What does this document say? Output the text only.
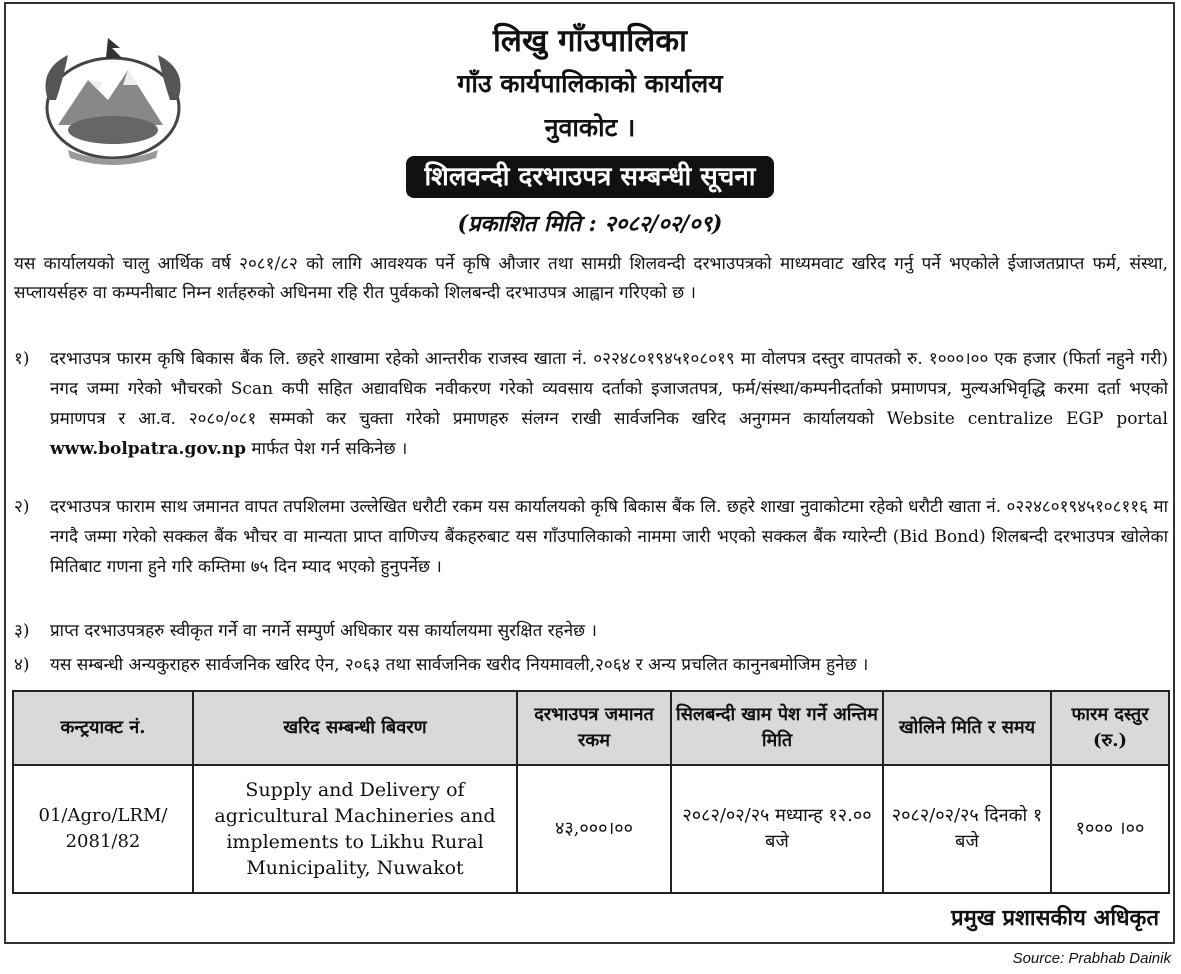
लिखु गाँउपालिका
गाँउ कार्यपालिकाको कार्यालय
नुवाकोट ।
शिलवन्दी दरभाउपत्र सम्बन्धी सूचना
(प्रकाशित मिति : २०८२/०२/०९)
यस कार्यालयको चालु आर्थिक वर्ष २०८१/८२ को लागि आवश्यक पर्ने कृषि औजार तथा सामग्री शिलवन्दी दरभाउपत्रको माध्यमवाट खरिद गर्नु पर्ने भएकोले ईजाजतप्राप्त फर्म, संस्था, सप्लायर्सहरु वा कम्पनीबाट निम्न शर्तहरुको अधिनमा रहि रीत पुर्वकको शिलबन्दी दरभाउपत्र आह्वान गरिएको छ ।
१) दरभाउपत्र फारम कृषि बिकास बैंक लि. छहरे शाखामा रहेको आन्तरीक राजस्व खाता नं. ०२२४८०१९४५१०८०१९ मा वोलपत्र दस्तुर वापतको रु. १०००।०० एक हजार (फिर्ता नहुने गरी) नगद जम्मा गरेको भौचरको Scan कपी सहित अद्यावधिक नवीकरण गरेको व्यवसाय दर्ताको इजाजतपत्र, फर्म/संस्था/कम्पनीदर्ताको प्रमाणपत्र, मुल्यअभिवृद्धि करमा दर्ता भएको प्रमाणपत्र र आ.व. २०८०/०८१ सम्मको कर चुक्ता गरेको प्रमाणहरु संलग्न राखी सार्वजनिक खरिद अनुगमन कार्यालयको Website centralize EGP portal www.bolpatra.gov.np मार्फत पेश गर्न सकिनेछ ।
२) दरभाउपत्र फाराम साथ जमानत वापत तपशिलमा उल्लेखित धरौटी रकम यस कार्यालयको कृषि बिकास बैंक लि. छहरे शाखा नुवाकोटमा रहेको धरौटी खाता नं. ०२२४८०१९४५१०८११६ मा नगदै जम्मा गरेको सक्कल बैंक भौचर वा मान्यता प्राप्त वाणिज्य बैंकहरुबाट यस गाँउपालिकाको नाममा जारी भएको सक्कल बैंक ग्यारेन्टी (Bid Bond) शिलबन्दी दरभाउपत्र खोलेका मितिबाट गणना हुने गरि कम्तिमा ७५ दिन म्याद भएको हुनुपर्नेछ ।
३) प्राप्त दरभाउपत्रहरु स्वीकृत गर्ने वा नगर्ने सम्पुर्ण अधिकार यस कार्यालयमा सुरक्षित रहनेछ ।
४) यस सम्बन्धी अन्यकुराहरु सार्वजनिक खरिद ऐन, २०६३ तथा सार्वजनिक खरीद नियमावली,२०६४ र अन्य प्रचलित कानुनबमोजिम हुनेछ ।
कन्ट्रयाक्ट नं.	खरिद सम्बन्धी बिवरण	दरभाउपत्र जमानत रकम	सिलबन्दी खाम पेश गर्ने अन्तिम मिति	खोलिने मिति र समय	फारम दस्तुर (रु.)
01/Agro/LRM/ 2081/82	Supply and Delivery of agricultural Machineries and implements to Likhu Rural Municipality, Nuwakot	४३,०००।००	२०८२/०२/२५ मध्यान्ह १२.०० बजे	२०८२/०२/२५ दिनको १ बजे	१००० ।००
प्रमुख प्रशासकीय अधिकृत
Source: Prabhab Dainik
